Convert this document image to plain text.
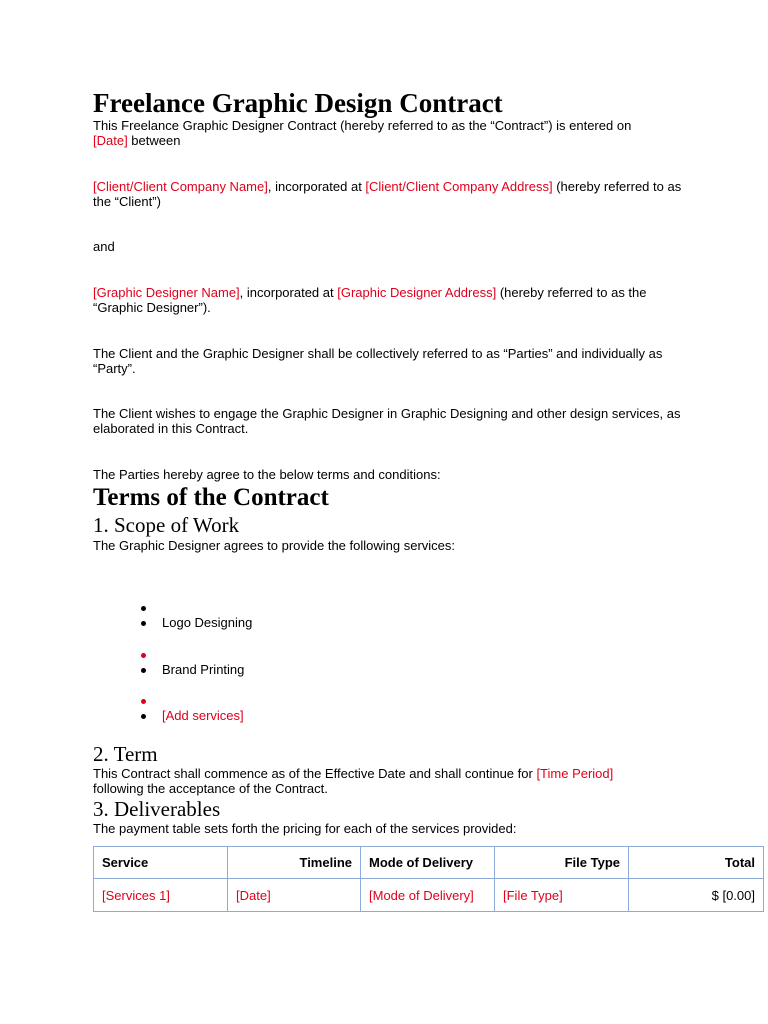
Freelance Graphic Design Contract

This Freelance Graphic Designer Contract (hereby referred to as the “Contract”) is entered on
[Date] between

[Client/Client Company Name], incorporated at [Client/Client Company Address] (hereby referred to as the “Client”)

and

[Graphic Designer Name], incorporated at [Graphic Designer Address] (hereby referred to as the “Graphic Designer”).

The Client and the Graphic Designer shall be collectively referred to as “Parties” and individually as “Party”.

The Client wishes to engage the Graphic Designer in Graphic Designing and other design services, as elaborated in this Contract.

The Parties hereby agree to the below terms and conditions:

Terms of the Contract
1. Scope of Work

The Graphic Designer agrees to provide the following services:

Logo Designing
Brand Printing
[Add services]
2. Term

This Contract shall commence as of the Effective Date and shall continue for [Time Period]
following the acceptance of the Contract.

3. Deliverables

The payment table sets forth the pricing for each of the services provided:

Service	Timeline	Mode of Delivery	File Type	Total
[Services 1]	[Date]	[Mode of Delivery]	[File Type]	$ [0.00]
